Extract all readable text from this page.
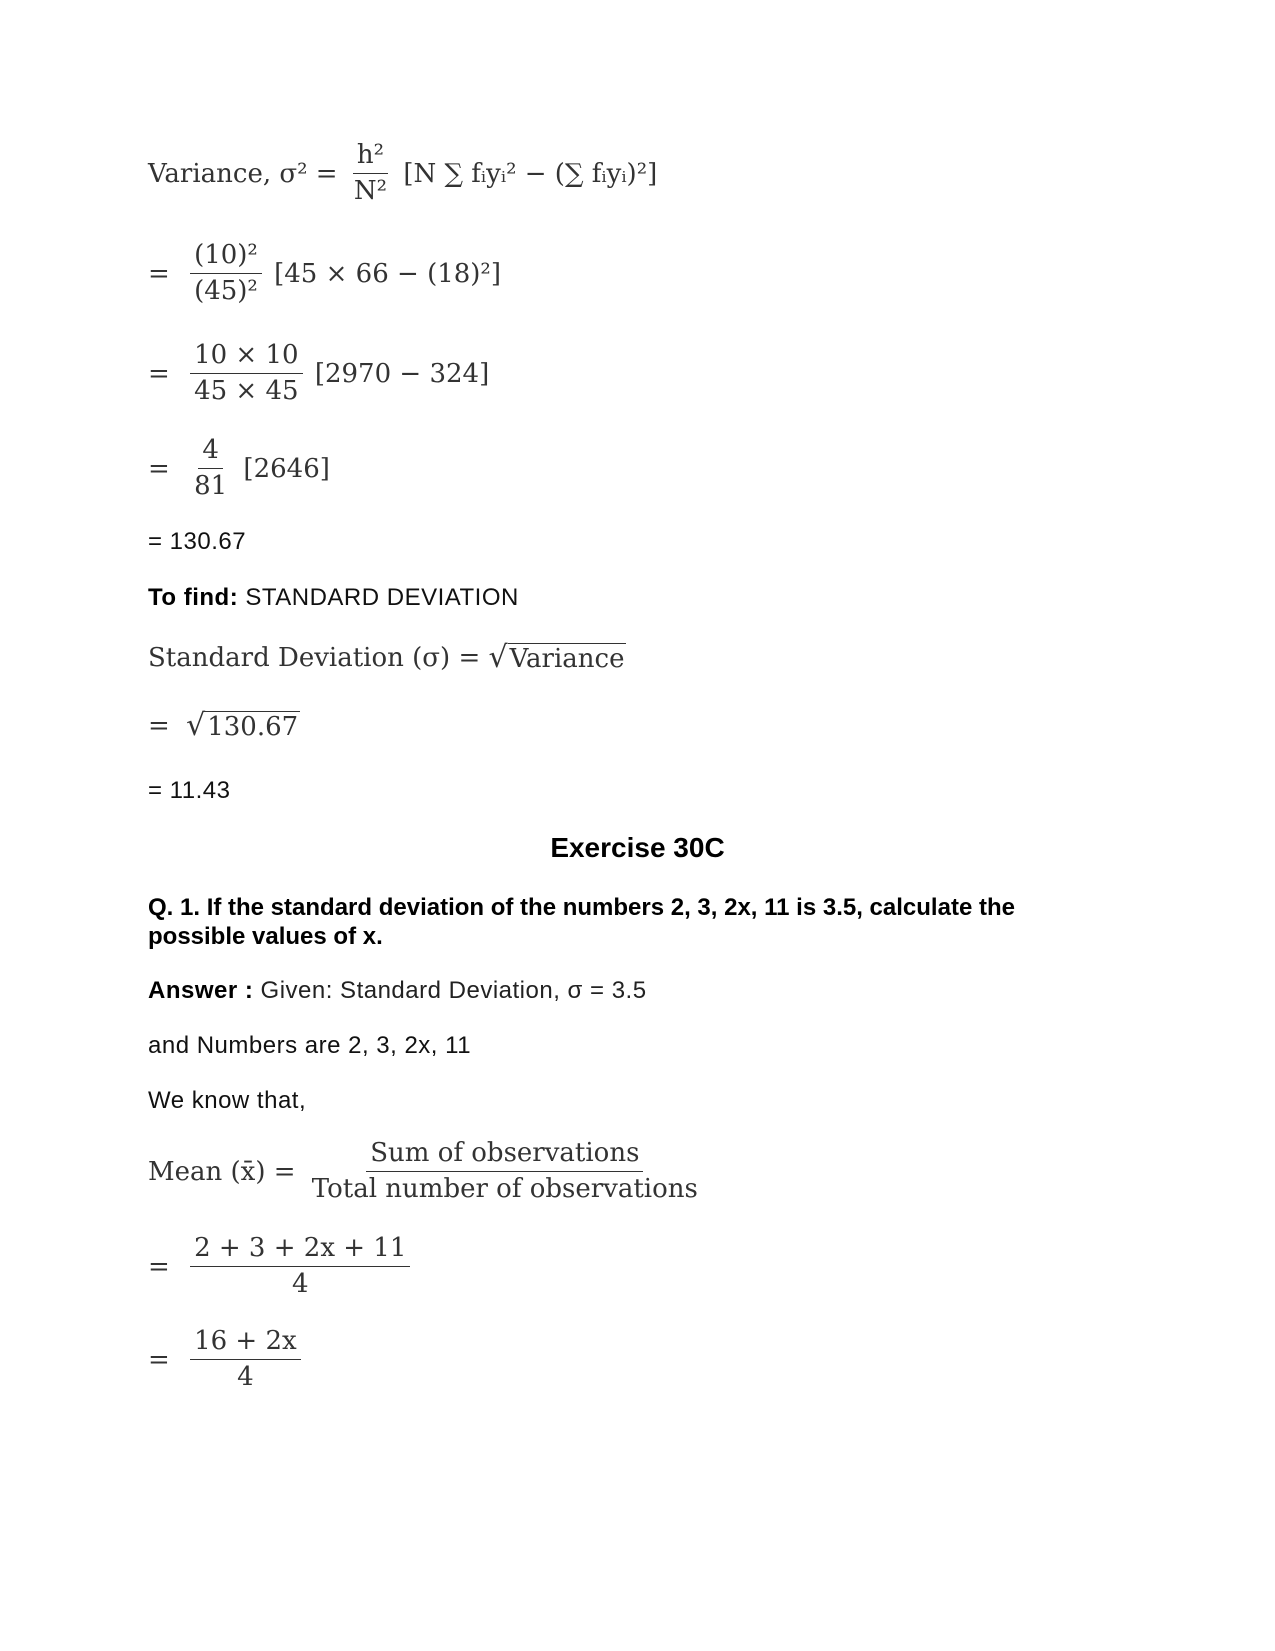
Variance, $\sigma^2 = \frac{\text{h²}}{\text{N²}} [N$ ∑ fᵢyᵢ² − (∑ fᵢyᵢ)²]
= $\frac{\text{(10)²}}{\text{(45)²}} [45 \times 66 - (18)^2]$
= $\frac{10 \times 10}{45 \times 45} [2970 - 324]$
= $\frac{4}{81} [2646]$
= 130.67
To find: STANDARD DEVIATION
Standard Deviation (σ) = √Variance
= √130.67
= 11.43
Exercise 30C
Q. 1. If the standard deviation of the numbers 2, 3, 2x, 11 is 3.5, calculate the possible values of x.
Answer : Given: Standard Deviation, σ = 3.5
and Numbers are 2, 3, 2x, 11
We know that,
Mean (x̄) = $\frac{\text{Sum of observations}}{\text{Total number of observations}}$
= $\frac{2 + 3 + 2x + 11}{4}$
= $\frac{16 + 2x}{4}$
